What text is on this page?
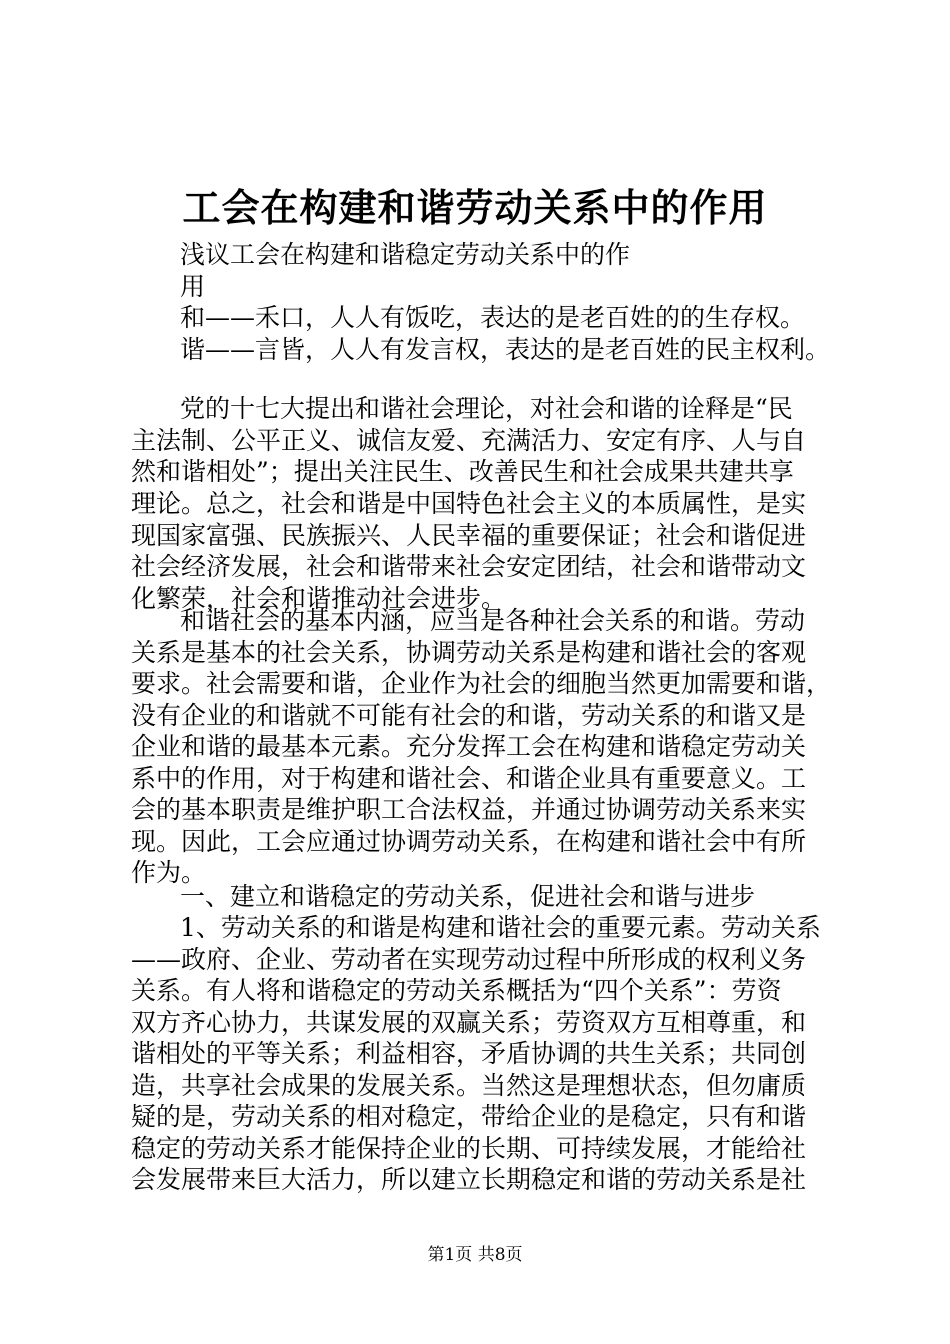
工会在构建和谐劳动关系中的作用
浅议工会在构建和谐稳定劳动关系中的作
用
和——禾口，人人有饭吃，表达的是老百姓的的生存权。
谐——言皆，人人有发言权，表达的是老百姓的民主权利。
党的十七大提出和谐社会理论，对社会和谐的诠释是“民
主法制、公平正义、诚信友爱、充满活力、安定有序、人与自
然和谐相处”；提出关注民生、改善民生和社会成果共建共享
理论。总之，社会和谐是中国特色社会主义的本质属性，是实
现国家富强、民族振兴、人民幸福的重要保证；社会和谐促进
社会经济发展，社会和谐带来社会安定团结，社会和谐带动文
化繁荣，社会和谐推动社会进步。
和谐社会的基本内涵，应当是各种社会关系的和谐。劳动
关系是基本的社会关系，协调劳动关系是构建和谐社会的客观
要求。社会需要和谐，企业作为社会的细胞当然更加需要和谐，
没有企业的和谐就不可能有社会的和谐，劳动关系的和谐又是
企业和谐的最基本元素。充分发挥工会在构建和谐稳定劳动关
系中的作用，对于构建和谐社会、和谐企业具有重要意义。工
会的基本职责是维护职工合法权益，并通过协调劳动关系来实
现。因此，工会应通过协调劳动关系，在构建和谐社会中有所
作为。
一、建立和谐稳定的劳动关系，促进社会和谐与进步
1、劳动关系的和谐是构建和谐社会的重要元素。劳动关系
——政府、企业、劳动者在实现劳动过程中所形成的权利义务
关系。有人将和谐稳定的劳动关系概括为“四个关系”：劳资
双方齐心协力，共谋发展的双赢关系；劳资双方互相尊重，和
谐相处的平等关系；利益相容，矛盾协调的共生关系；共同创
造，共享社会成果的发展关系。当然这是理想状态，但勿庸质
疑的是，劳动关系的相对稳定，带给企业的是稳定，只有和谐
稳定的劳动关系才能保持企业的长期、可持续发展，才能给社
会发展带来巨大活力，所以建立长期稳定和谐的劳动关系是社
第1页 共8页
